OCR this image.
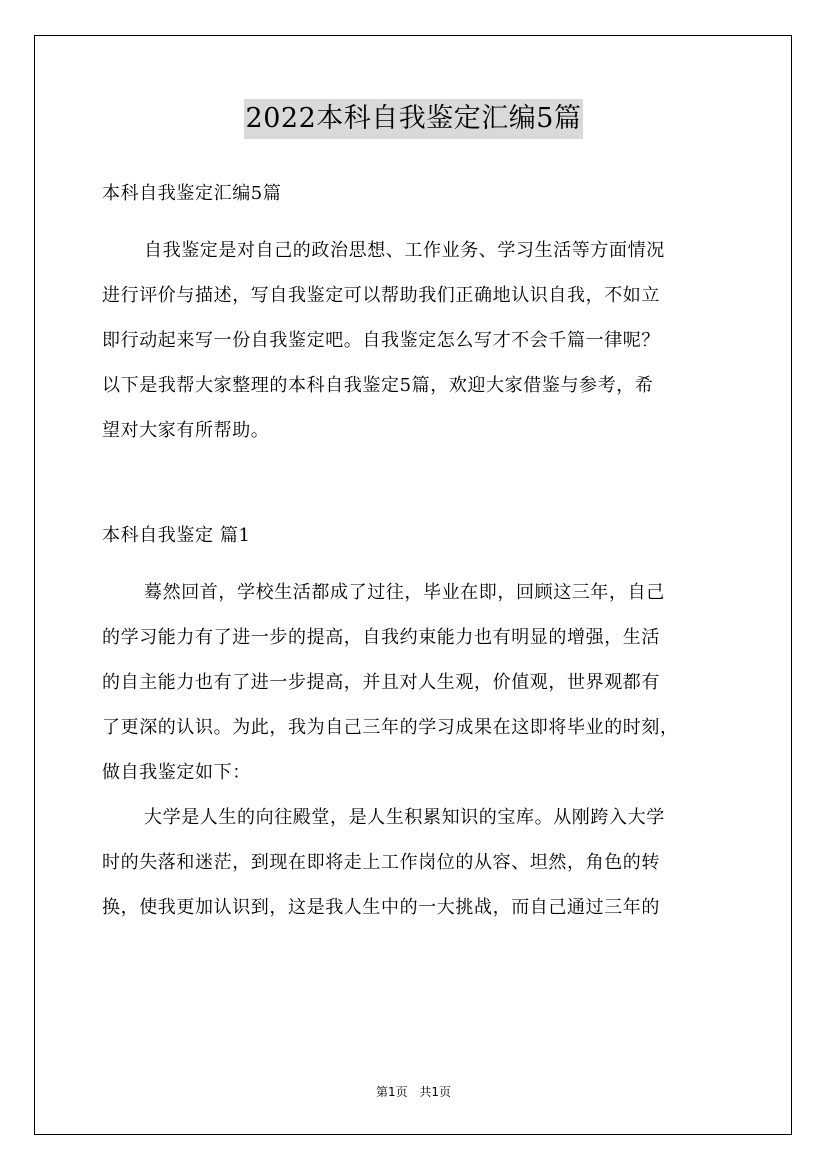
2022本科自我鉴定汇编5篇
本科自我鉴定汇编5篇
自我鉴定是对自己的政治思想、工作业务、学习生活等方面情况
进行评价与描述，写自我鉴定可以帮助我们正确地认识自我，不如立
即行动起来写一份自我鉴定吧。自我鉴定怎么写才不会千篇一律呢？
以下是我帮大家整理的本科自我鉴定5篇，欢迎大家借鉴与参考，希
望对大家有所帮助。
本科自我鉴定 篇1
蓦然回首，学校生活都成了过往，毕业在即，回顾这三年，自己
的学习能力有了进一步的提高，自我约束能力也有明显的增强，生活
的自主能力也有了进一步提高，并且对人生观，价值观，世界观都有
了更深的认识。为此，我为自己三年的学习成果在这即将毕业的时刻，
做自我鉴定如下：
大学是人生的向往殿堂，是人生积累知识的宝库。从刚跨入大学
时的失落和迷茫，到现在即将走上工作岗位的从容、坦然，角色的转
换，使我更加认识到，这是我人生中的一大挑战，而自己通过三年的
第1页 共1页
